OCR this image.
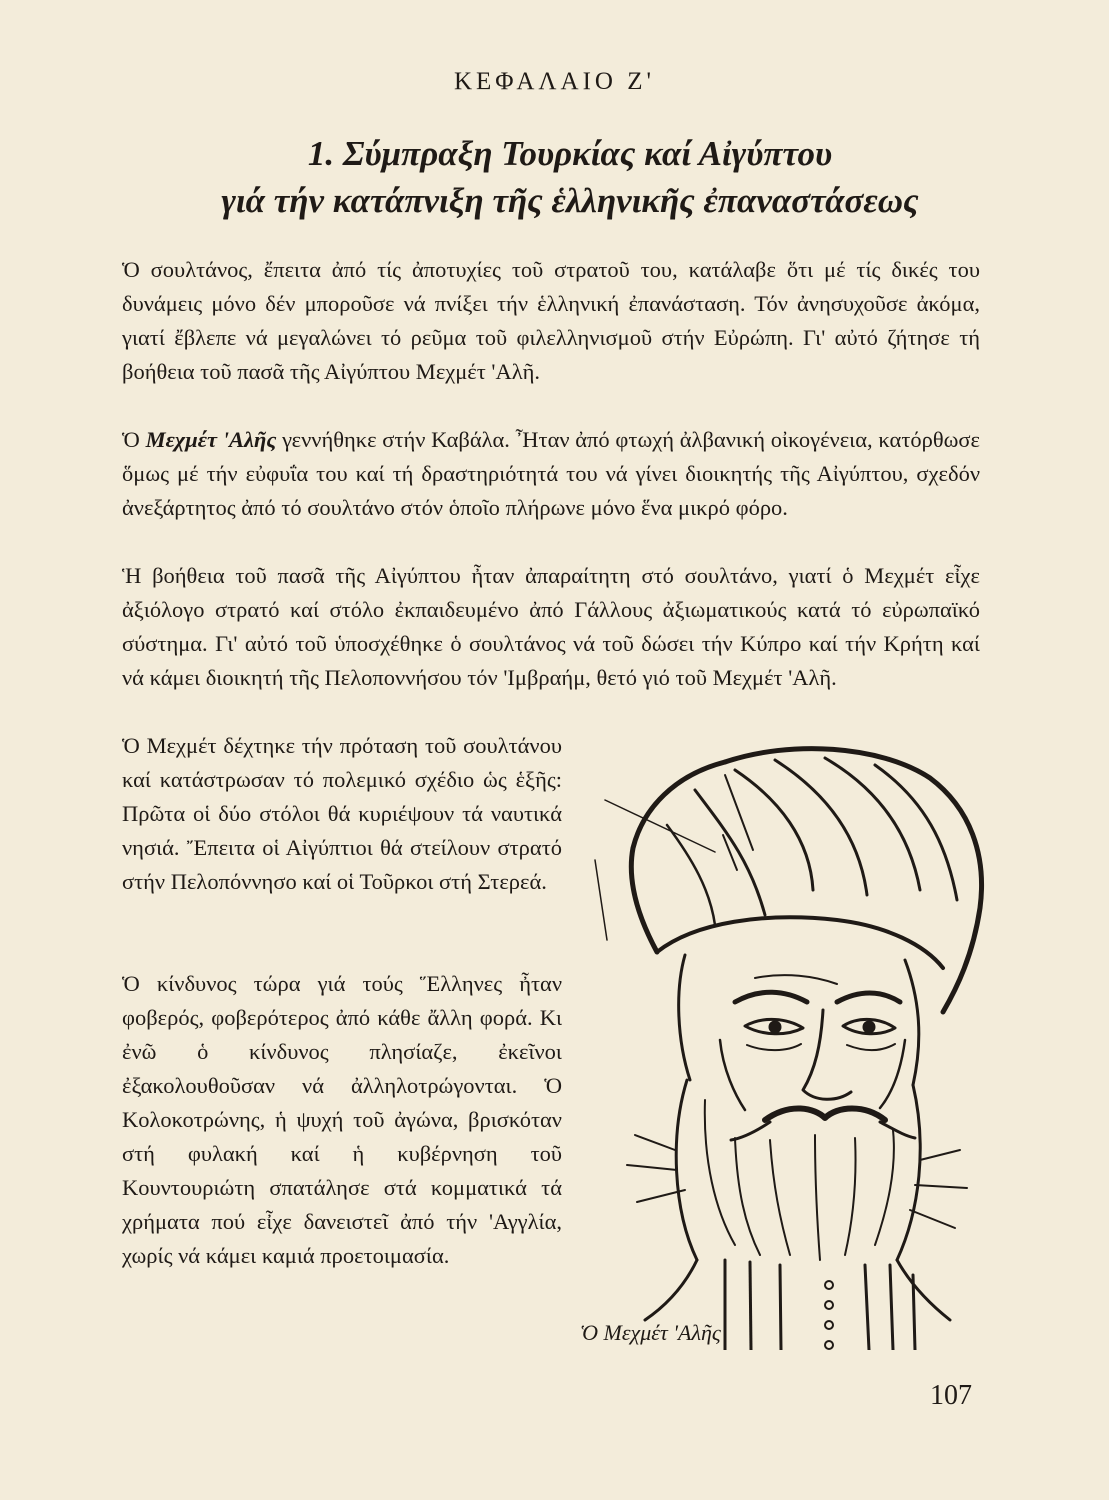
ΚΕΦΑΛΑΙΟ Ζ'
1. Σύμπραξη Τουρκίας καί Αἰγύπτου
γιά τήν κατάπνιξη τῆς ἑλληνικῆς ἐπαναστάσεως

Ὁ σουλτάνος, ἔπειτα ἀπό τίς ἀποτυχίες τοῦ στρατοῦ του, κατάλαβε ὅτι μέ τίς δικές του δυνάμεις μόνο δέν μποροῦσε νά πνίξει τήν ἑλληνική ἐπανάσταση. Τόν ἀνησυχοῦσε ἀκόμα, γιατί ἔβλεπε νά μεγαλώνει τό ρεῦμα τοῦ φιλελληνισμοῦ στήν Εὐρώπη. Γι' αὐτό ζήτησε τή βοήθεια τοῦ πασᾶ τῆς Αἰγύπτου Μεχμέτ 'Αλῆ.

Ὁ Μεχμέτ 'Αλῆς γεννήθηκε στήν Καβάλα. Ἦταν ἀπό φτωχή ἀλβανική οἰκογένεια, κατόρθωσε ὅμως μέ τήν εὐφυΐα του καί τή δραστηριότητά του νά γίνει διοικητής τῆς Αἰγύπτου, σχεδόν ἀνεξάρτητος ἀπό τό σουλτάνο στόν ὁποῖο πλήρωνε μόνο ἕνα μικρό φόρο.

Ἡ βοήθεια τοῦ πασᾶ τῆς Αἰγύπτου ἦταν ἀπαραίτητη στό σουλτάνο, γιατί ὁ Μεχμέτ εἶχε ἀξιόλογο στρατό καί στόλο ἐκπαιδευμένο ἀπό Γάλλους ἀξιωματικούς κατά τό εὐρωπαϊκό σύστημα. Γι' αὐτό τοῦ ὑποσχέθηκε ὁ σουλτάνος νά τοῦ δώσει τήν Κύπρο καί τήν Κρήτη καί νά κάμει διοικητή τῆς Πελοποννήσου τόν 'Ιμβραήμ, θετό γιό τοῦ Μεχμέτ 'Αλῆ.

Ὁ Μεχμέτ δέχτηκε τήν πρόταση τοῦ σουλτάνου καί κατάστρωσαν τό πολεμικό σχέδιο ὡς ἑξῆς: Πρῶτα οἱ δύο στόλοι θά κυριέψουν τά ναυτικά νησιά. Ἔπειτα οἱ Αἰγύπτιοι θά στείλουν στρατό στήν Πελοπόννησο καί οἱ Τοῦρκοι στή Στερεά.

Ὁ κίνδυνος τώρα γιά τούς Ἕλληνες ἦταν φοβερός, φοβερότερος ἀπό κάθε ἄλλη φορά. Κι ἐνῶ ὁ κίνδυνος πλησίαζε, ἐκεῖνοι ἐξακολουθοῦσαν νά ἀλληλοτρώγονται. Ὁ Κολοκοτρώνης, ἡ ψυχή τοῦ ἀγώνα, βρισκόταν στή φυλακή καί ἡ κυβέρνηση τοῦ Κουντουριώτη σπατάλησε στά κομματικά τά χρήματα πού εἶχε δανειστεῖ ἀπό τήν 'Αγγλία, χωρίς νά κάμει καμιά προετοιμασία.

Ὁ Μεχμέτ 'Αλῆς
107
